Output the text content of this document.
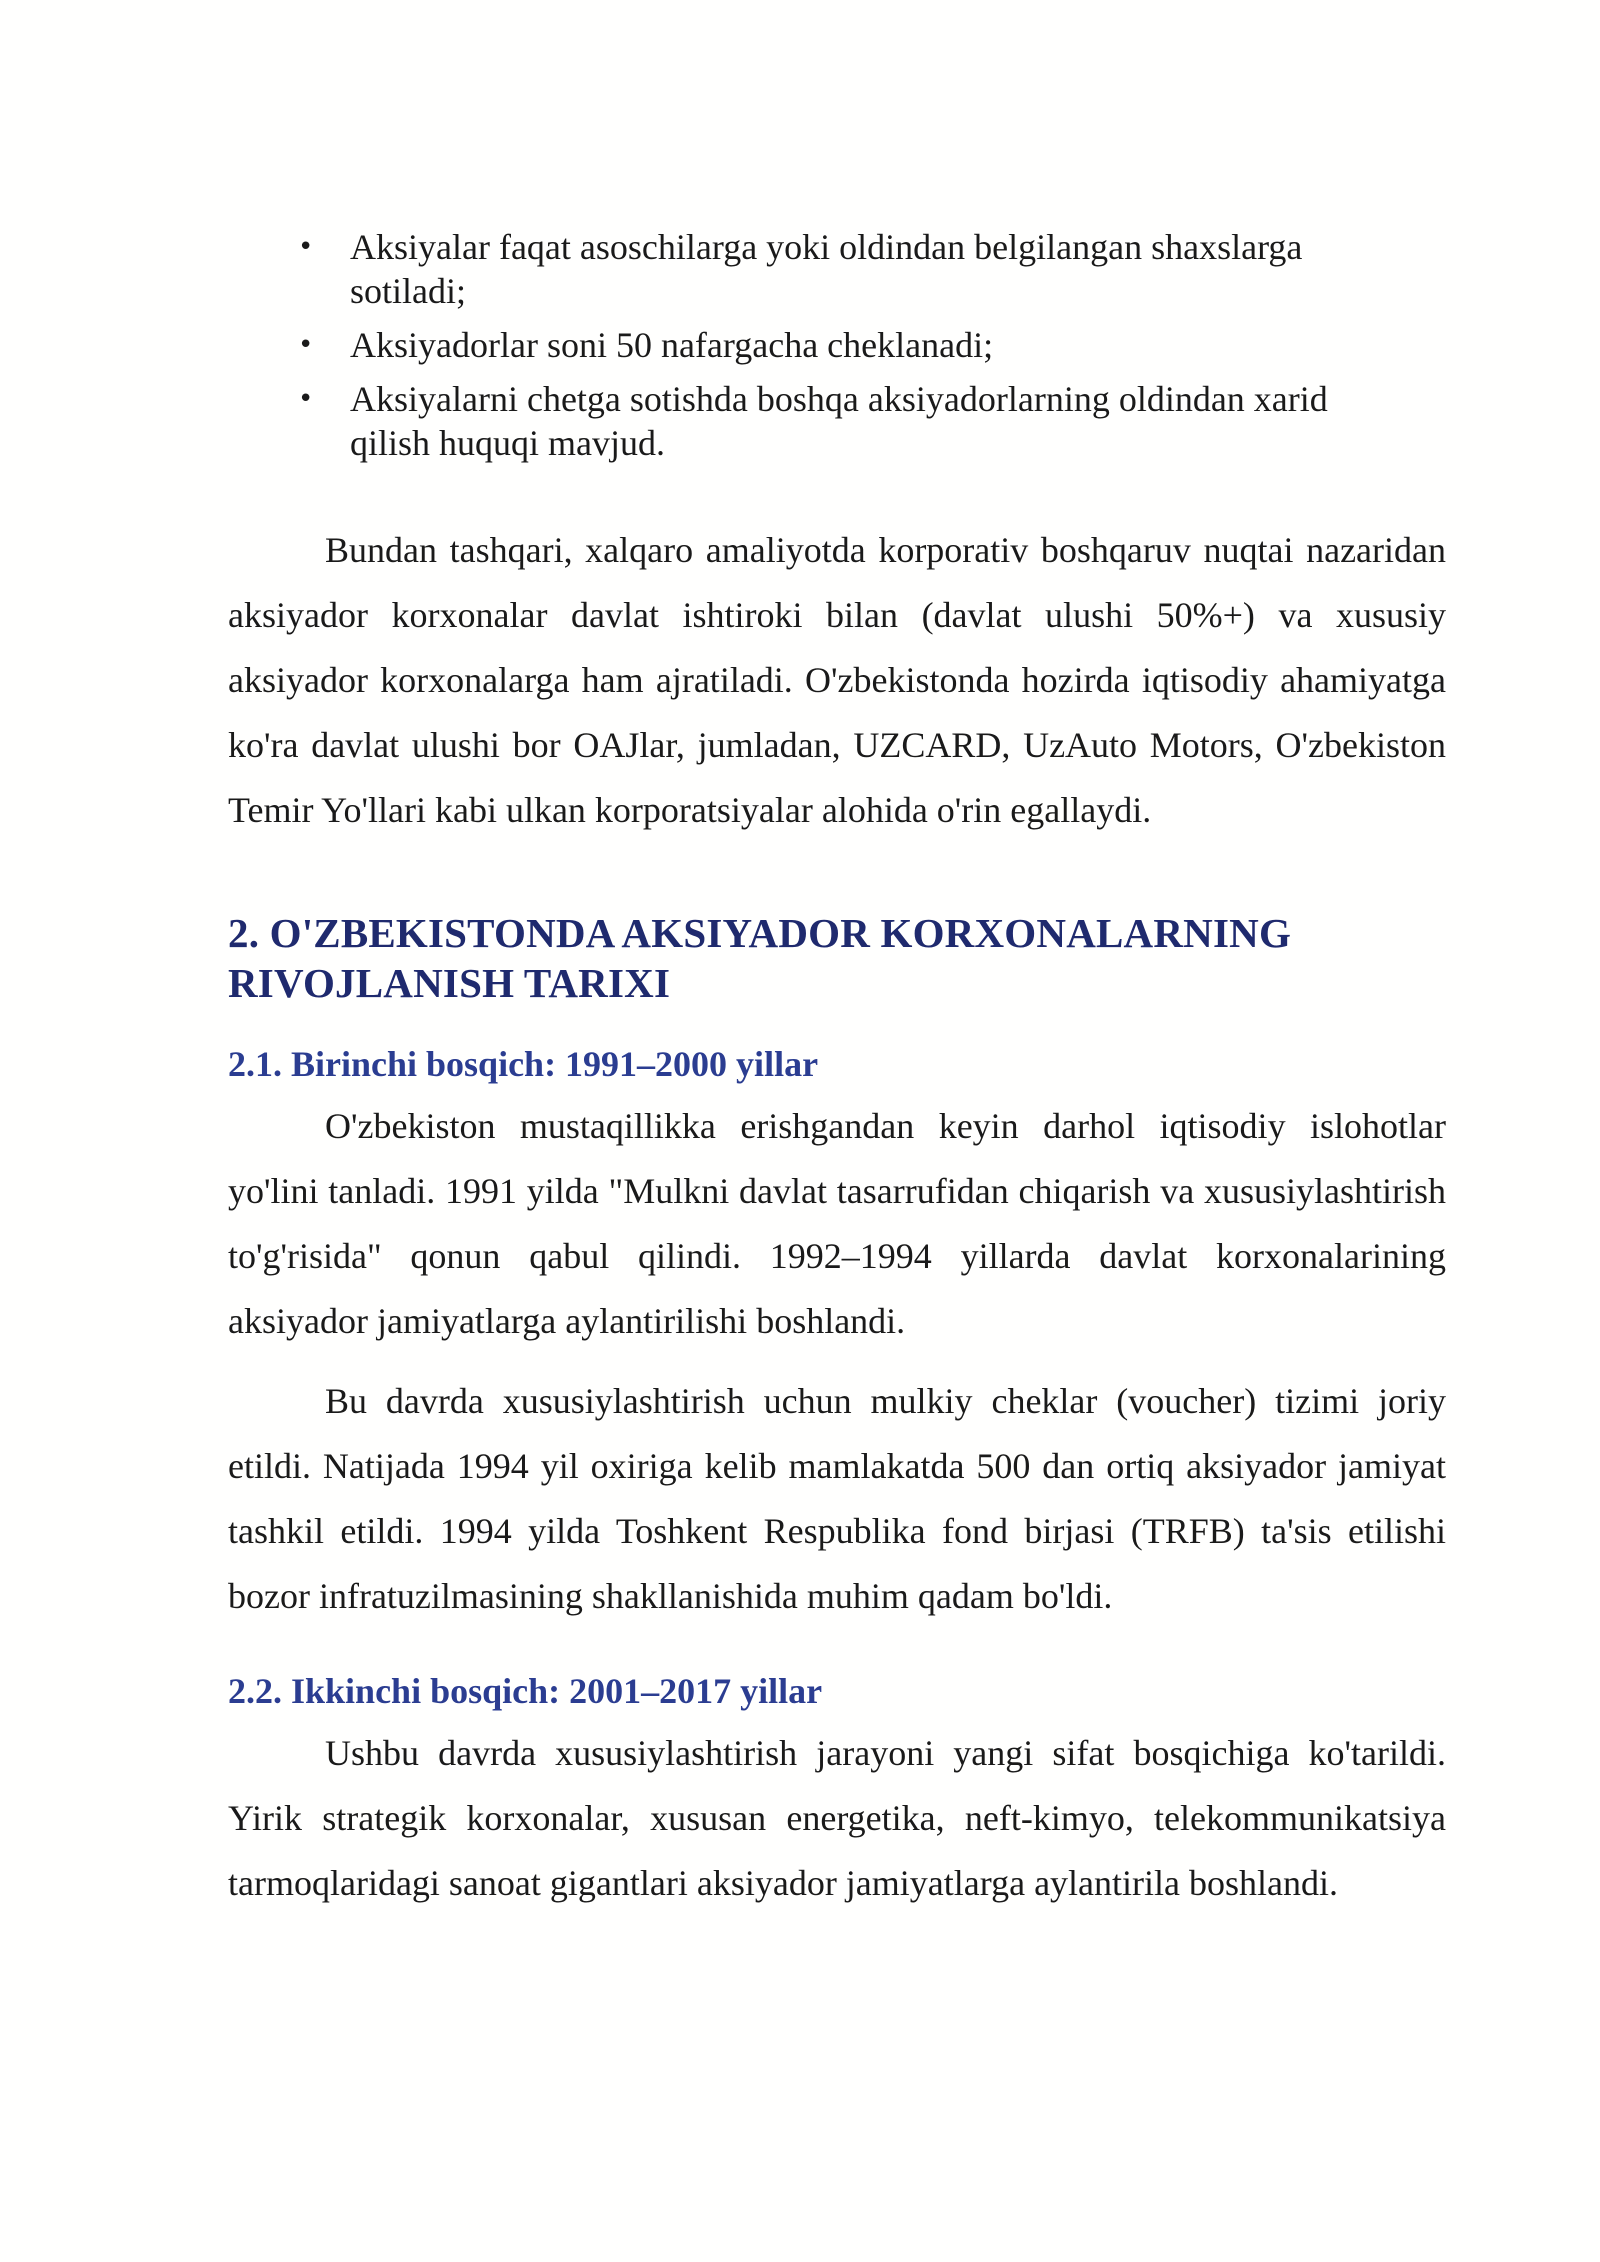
• Aksiyalar faqat asoschilarga yoki oldindan belgilangan shaxslarga sotiladi;
• Aksiyadorlar soni 50 nafargacha cheklanadi;
• Aksiyalarni chetga sotishda boshqa aksiyadorlarning oldindan xarid qilish huquqi mavjud.

Bundan tashqari, xalqaro amaliyotda korporativ boshqaruv nuqtai nazaridan aksiyador korxonalar davlat ishtiroki bilan (davlat ulushi 50%+) va xususiy aksiyador korxonalarga ham ajratiladi. O'zbekistonda hozirda iqtisodiy ahamiyatga ko'ra davlat ulushi bor OAJlar, jumladan, UZCARD, UzAuto Motors, O'zbekiston Temir Yo'llari kabi ulkan korporatsiyalar alohida o'rin egallaydi.

2. O'ZBEKISTONDA AKSIYADOR KORXONALARNING RIVOJLANISH TARIXI
2.1. Birinchi bosqich: 1991–2000 yillar

O'zbekiston mustaqillikka erishgandan keyin darhol iqtisodiy islohotlar yo'lini tanladi. 1991 yilda "Mulkni davlat tasarrufidan chiqarish va xususiylashtirish to'g'risida" qonun qabul qilindi. 1992–1994 yillarda davlat korxonalarining aksiyador jamiyatlarga aylantirilishi boshlandi.

Bu davrda xususiylashtirish uchun mulkiy cheklar (voucher) tizimi joriy etildi. Natijada 1994 yil oxiriga kelib mamlakatda 500 dan ortiq aksiyador jamiyat tashkil etildi. 1994 yilda Toshkent Respublika fond birjasi (TRFB) ta'sis etilishi bozor infratuzilmasining shakllanishida muhim qadam bo'ldi.

2.2. Ikkinchi bosqich: 2001–2017 yillar

Ushbu davrda xususiylashtirish jarayoni yangi sifat bosqichiga ko'tarildi. Yirik strategik korxonalar, xususan energetika, neft-kimyo, telekommunikatsiya tarmoqlaridagi sanoat gigantlari aksiyador jamiyatlarga aylantirila boshlandi.
